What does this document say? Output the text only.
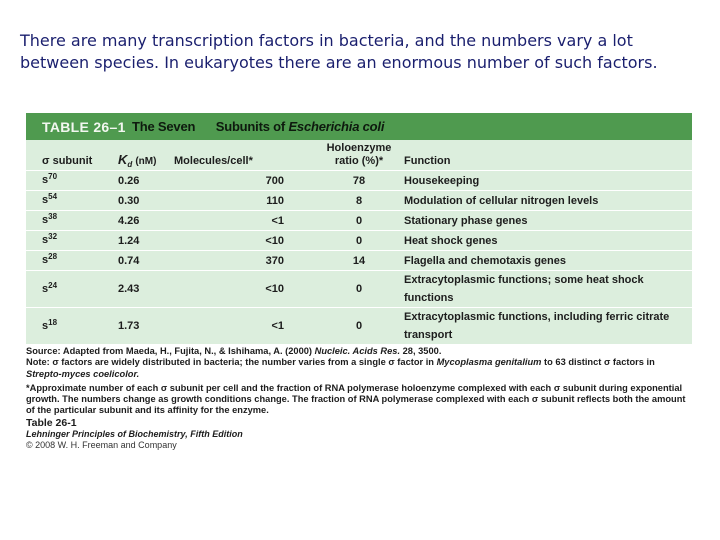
There are many transcription factors in bacteria, and the numbers vary a lot
between species. In eukaryotes there are an enormous number of such factors.
TABLE 26–1 The Seven Subunits of Escherichia coli
σ subunit	$K_d$ (nM)	Molecules/cell*	Holoenzyme
ratio (%)*	Function
$s^{70}$	0.26	700	78	Housekeeping
$s^{54}$	0.30	110	8	Modulation of cellular nitrogen levels
$s^{38}$	4.26	<1	0	Stationary phase genes
$s^{32}$	1.24	<10	0	Heat shock genes
$s^{28}$	0.74	370	14	Flagella and chemotaxis genes
$s^{24}$	2.43	<10	0	Extracytoplasmic functions; some heat shock functions
$s^{18}$	1.73	<1	0	Extracytoplasmic functions, including ferric citrate transport
Source: Adapted from Maeda, H., Fujita, N., & Ishihama, A. (2000) Nucleic. Acids Res. 28, 3500.
Note: σ factors are widely distributed in bacteria; the number varies from a single σ factor in Mycoplasma genitalium to 63 distinct σ factors in Strepto-myces coelicolor.
*Approximate number of each σ subunit per cell and the fraction of RNA polymerase holoenzyme complexed with each σ subunit during exponential growth. The numbers change as growth conditions change. The fraction of RNA polymerase complexed with each σ subunit reflects both the amount of the particular subunit and its affinity for the enzyme.
Table 26-1
Lehninger Principles of Biochemistry, Fifth Edition
© 2008 W. H. Freeman and Company
